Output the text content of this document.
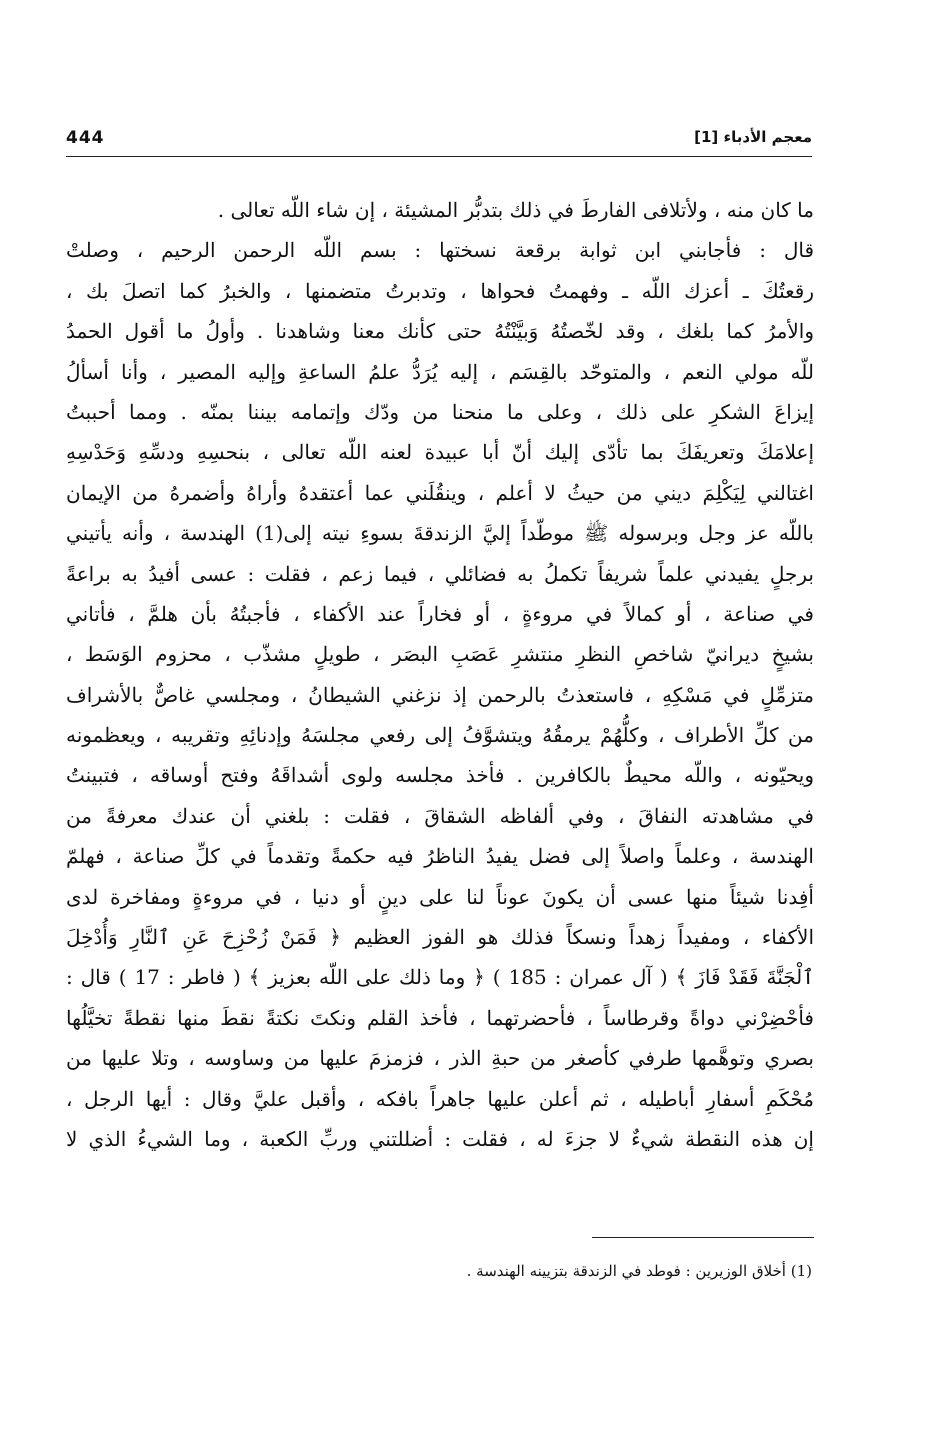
444	معجم الأدباء [1]
ما كان منه ، ولأتلافى الفارطَ في ذلك بتدبُّر المشيئة ، إن شاء اللّه تعالى .
قال : فأجابني ابن ثوابة برقعة نسختها : بسم اللّه الرحمن الرحيم ، وصلتْ
رقعتُكَ ـ أعزك اللّه ـ وفهمتُ فحواها ، وتدبرتُ متضمنها ، والخبرُ كما اتصلَ بك ،
والأمرُ كما بلغك ، وقد لخّصتُهُ وَبيَّنْتُهُ حتى كأنك معنا وشاهدنا . وأولُ ما أقول الحمدُ
للّه مولي النعم ، والمتوحّد بالقِسَم ، إليه يُرَدُّ علمُ الساعةِ وإليه المصير ، وأنا أسألُ
إيزاعَ الشكرِ على ذلك ، وعلى ما منحنا من ودّك وإتمامه بيننا بمنّه . ومما أحببتُ
إعلامَكَ وتعريفَكَ بما تأدّى إليك أنّ أبا عبيدة لعنه اللّه تعالى ، بنحسِهِ ودسِّهِ وَحَدْسِهِ
اغتالني لِيَكْلِمَ ديني من حيثُ لا أعلم ، وينقُلَني عما أعتقدهُ وأراهُ وأضمرهُ من الإيمان
باللّه عز وجل وبرسوله ﷺ موطّداً إليَّ الزندقةَ بسوءِ نيته إلى(1) الهندسة ، وأنه يأتيني
برجلٍ يفيدني علماً شريفاً تكملُ به فضائلي ، فيما زعم ، فقلت : عسى أفيدُ به براعةً
في صناعة ، أو كمالاً في مروءةٍ ، أو فخاراً عند الأكفاء ، فأجبتُهُ بأن هلمَّ ، فأتاني
بشيخٍ ديرانيّ شاخصِ النظرِ منتشرِ عَصَبِ البصَر ، طويلٍ مشذّب ، محزوم الوَسَط ،
متزمِّلٍ في مَسْكِهِ ، فاستعذتُ بالرحمن إذ نزغني الشيطانُ ، ومجلسي غاصٌّ بالأشراف
من كلِّ الأطراف ، وكلُّهُمْ يرمقُهُ ويتشوَّفُ إلى رفعي مجلسَهُ وإدنائِهِ وتقريبه ، ويعظمونه
ويحيّونه ، واللّه محيطٌ بالكافرين . فأخذ مجلسه ولوى أشداقَهُ وفتح أوساقه ، فتبينتُ
في مشاهدته النفاقَ ، وفي ألفاظه الشقاقَ ، فقلت : بلغني أن عندك معرفةً من
الهندسة ، وعلماً واصلاً إلى فضل يفيدُ الناظرُ فيه حكمةً وتقدماً في كلِّ صناعة ، فهلمّ
أفِدنا شيئاً منها عسى أن يكونَ عوناً لنا على دينٍ أو دنيا ، في مروءةٍ ومفاخرة لدى
الأكفاء ، ومفيداً زهداً ونسكاً فذلك هو الفوز العظيم ﴿ فَمَنْ زُحْزِحَ عَنِ ٱلنَّارِ وَأُدْخِلَ
ٱلْجَنَّةَ فَقَدْ فَازَ ﴾ ( آل عمران : 185 ) ﴿ وما ذلك على اللّه بعزيز ﴾ ( فاطر : 17 ) قال :
فأحْضِرْني دواةً وقرطاساً ، فأحضرتهما ، فأخذ القلم ونكتَ نكتةً نقطَ منها نقطةً تخيَّلُها
بصري وتوهَّمها طرفي كأصغر من حبةِ الذر ، فزمزمَ عليها من وساوسه ، وتلا عليها من
مُحْكَمِ أسفارِ أباطيله ، ثم أعلن عليها جاهراً بافكه ، وأقبل عليَّ وقال : أيها الرجل ،
إن هذه النقطة شيءٌ لا جزءَ له ، فقلت : أضللتني وربِّ الكعبة ، وما الشيءُ الذي لا
(1) أخلاق الوزيرين : فوطد في الزندقة بتزيينه الهندسة .
